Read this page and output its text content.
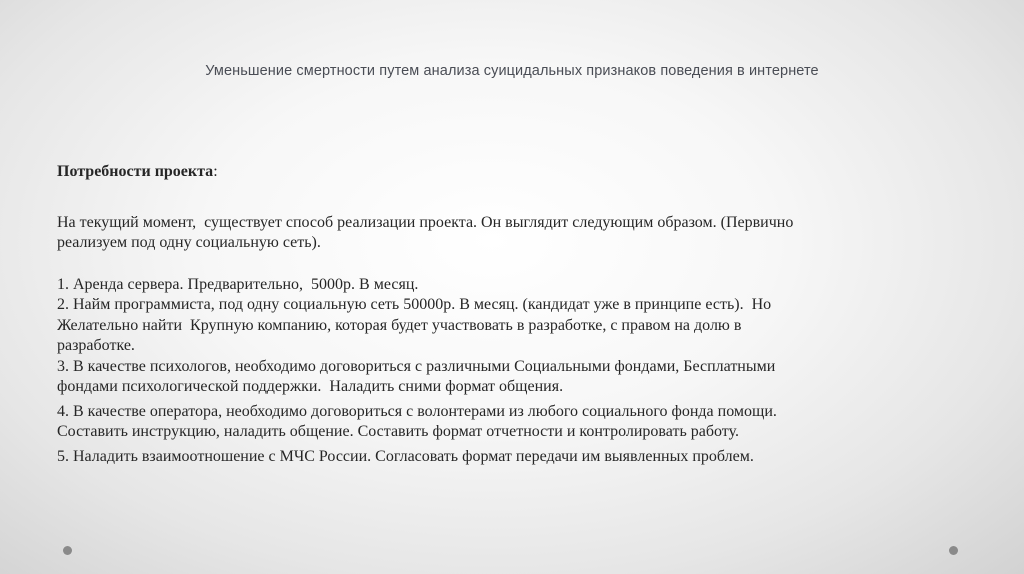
Уменьшение смертности путем анализа суицидальных признаков поведения в интернете

Потребности проекта:

На текущий момент,  существует способ реализации проекта. Он выглядит следующим образом. (Первично
реализуем под одну социальную сеть).

1. Аренда сервера. Предварительно,  5000р. В месяц.

2. Найм программиста, под одну социальную сеть 50000р. В месяц. (кандидат уже в принципе есть).  Но
Желательно найти  Крупную компанию, которая будет участвовать в разработке, с правом на долю в
разработке.

3. В качестве психологов, необходимо договориться с различными Социальными фондами, Бесплатными
фондами психологической поддержки.  Наладить сними формат общения.

4. В качестве оператора, необходимо договориться с волонтерами из любого социального фонда помощи.
Составить инструкцию, наладить общение. Составить формат отчетности и контролировать работу.

5. Наладить взаимоотношение с МЧС России. Согласовать формат передачи им выявленных проблем.
